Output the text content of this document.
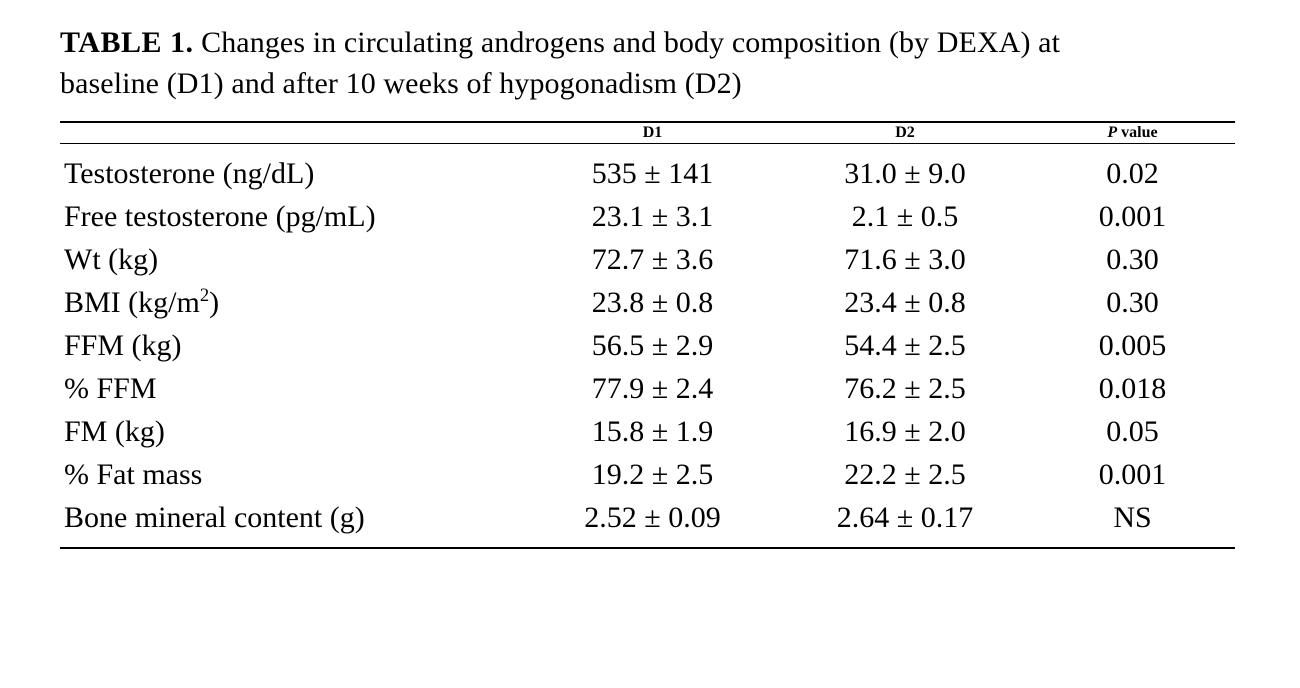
TABLE 1. Changes in circulating androgens and body composition (by DEXA) at baseline (D1) and after 10 weeks of hypogonadism (D2)

	D1	D2	P value

Testosterone (ng/dL)	535 ± 141	31.0 ± 9.0	0.02
Free testosterone (pg/mL)	23.1 ± 3.1	2.1 ± 0.5	0.001
Wt (kg)	72.7 ± 3.6	71.6 ± 3.0	0.30
BMI $(kg/m^2)$	23.8 ± 0.8	23.4 ± 0.8	0.30
FFM (kg)	56.5 ± 2.9	54.4 ± 2.5	0.005
% FFM	77.9 ± 2.4	76.2 ± 2.5	0.018
FM (kg)	15.8 ± 1.9	16.9 ± 2.0	0.05
% Fat mass	19.2 ± 2.5	22.2 ± 2.5	0.001
Bone mineral content (g)	2.52 ± 0.09	2.64 ± 0.17	NS
